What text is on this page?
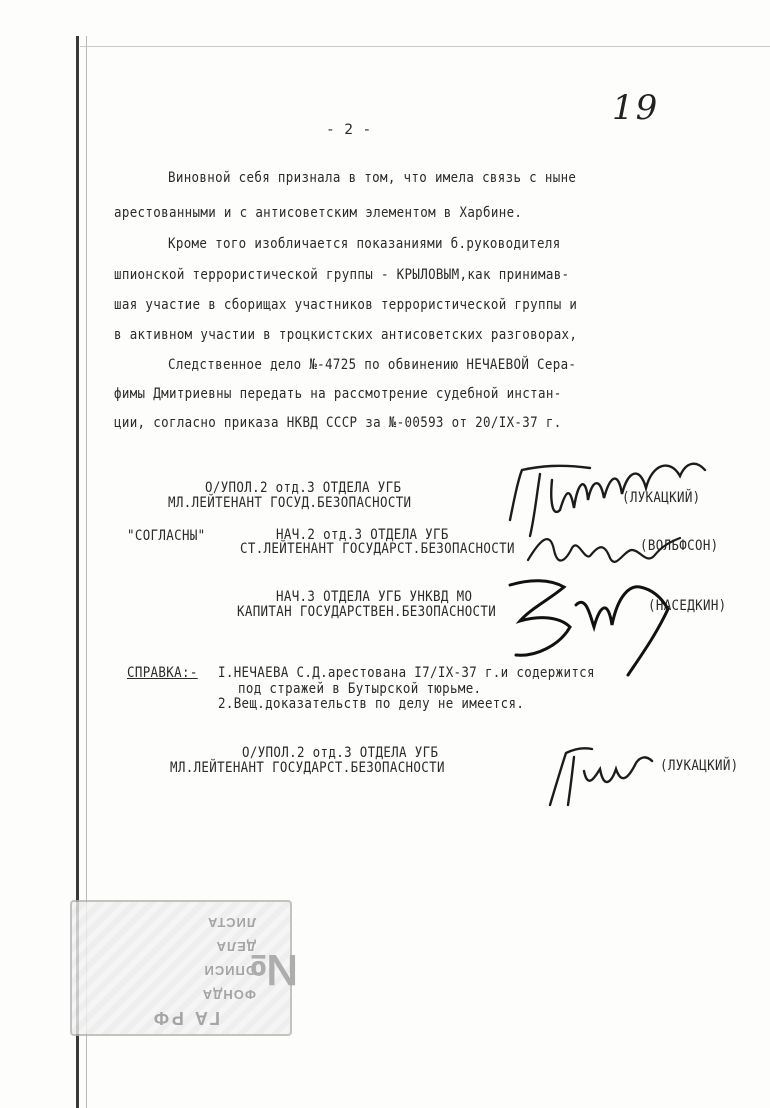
- 2 -
19
Виновной себя признала в том, что имела связь с ныне
арестованными и с антисоветским элементом в Харбине.
Кроме того изобличается показаниями б.руководителя
шпионской террористической группы - КРЫЛОВЫМ,как принимав-
шая участие в сборищах участников террористической группы и
в активном участии в троцкистских антисоветских разговорах,
Следственное дело №-4725 по обвинению НЕЧАЕВОЙ Сера-
фимы Дмитриевны передать на рассмотрение судебной инстан-
ции, согласно приказа НКВД СССР за №-00593 от 20/IX-37 г.
О/УПОЛ.2 отд.3 ОТДЕЛА УГБ
МЛ.ЛЕЙТЕНАНТ ГОСУД.БЕЗОПАСНОСТИ	(ЛУКАЦКИЙ)
"СОГЛАСНЫ"	НАЧ.2 отд.3 ОТДЕЛА УГБ
СТ.ЛЕЙТЕНАНТ ГОСУДАРСТ.БЕЗОПАСНОСТИ	(ВОЛЬФСОН)
НАЧ.3 ОТДЕЛА УГБ УНКВД МО
КАПИТАН ГОСУДАРСТВЕН.БЕЗОПАСНОСТИ	(НАСЕДКИН)
СПРАВКА:- I.НЕЧАЕВА С.Д.арестована I7/IX-37 г.и содержится
под стражей в Бутырской тюрьме.
2.Вещ.доказательств по делу не имеется.
О/УПОЛ.2 отд.3 ОТДЕЛА УГБ
МЛ.ЛЕЙТЕНАНТ ГОСУДАРСТ.БЕЗОПАСНОСТИ	(ЛУКАЦКИЙ)
ГА РФ
ФОНДА
ОПИСИ
ДЕЛА
ЛИСТА
№
